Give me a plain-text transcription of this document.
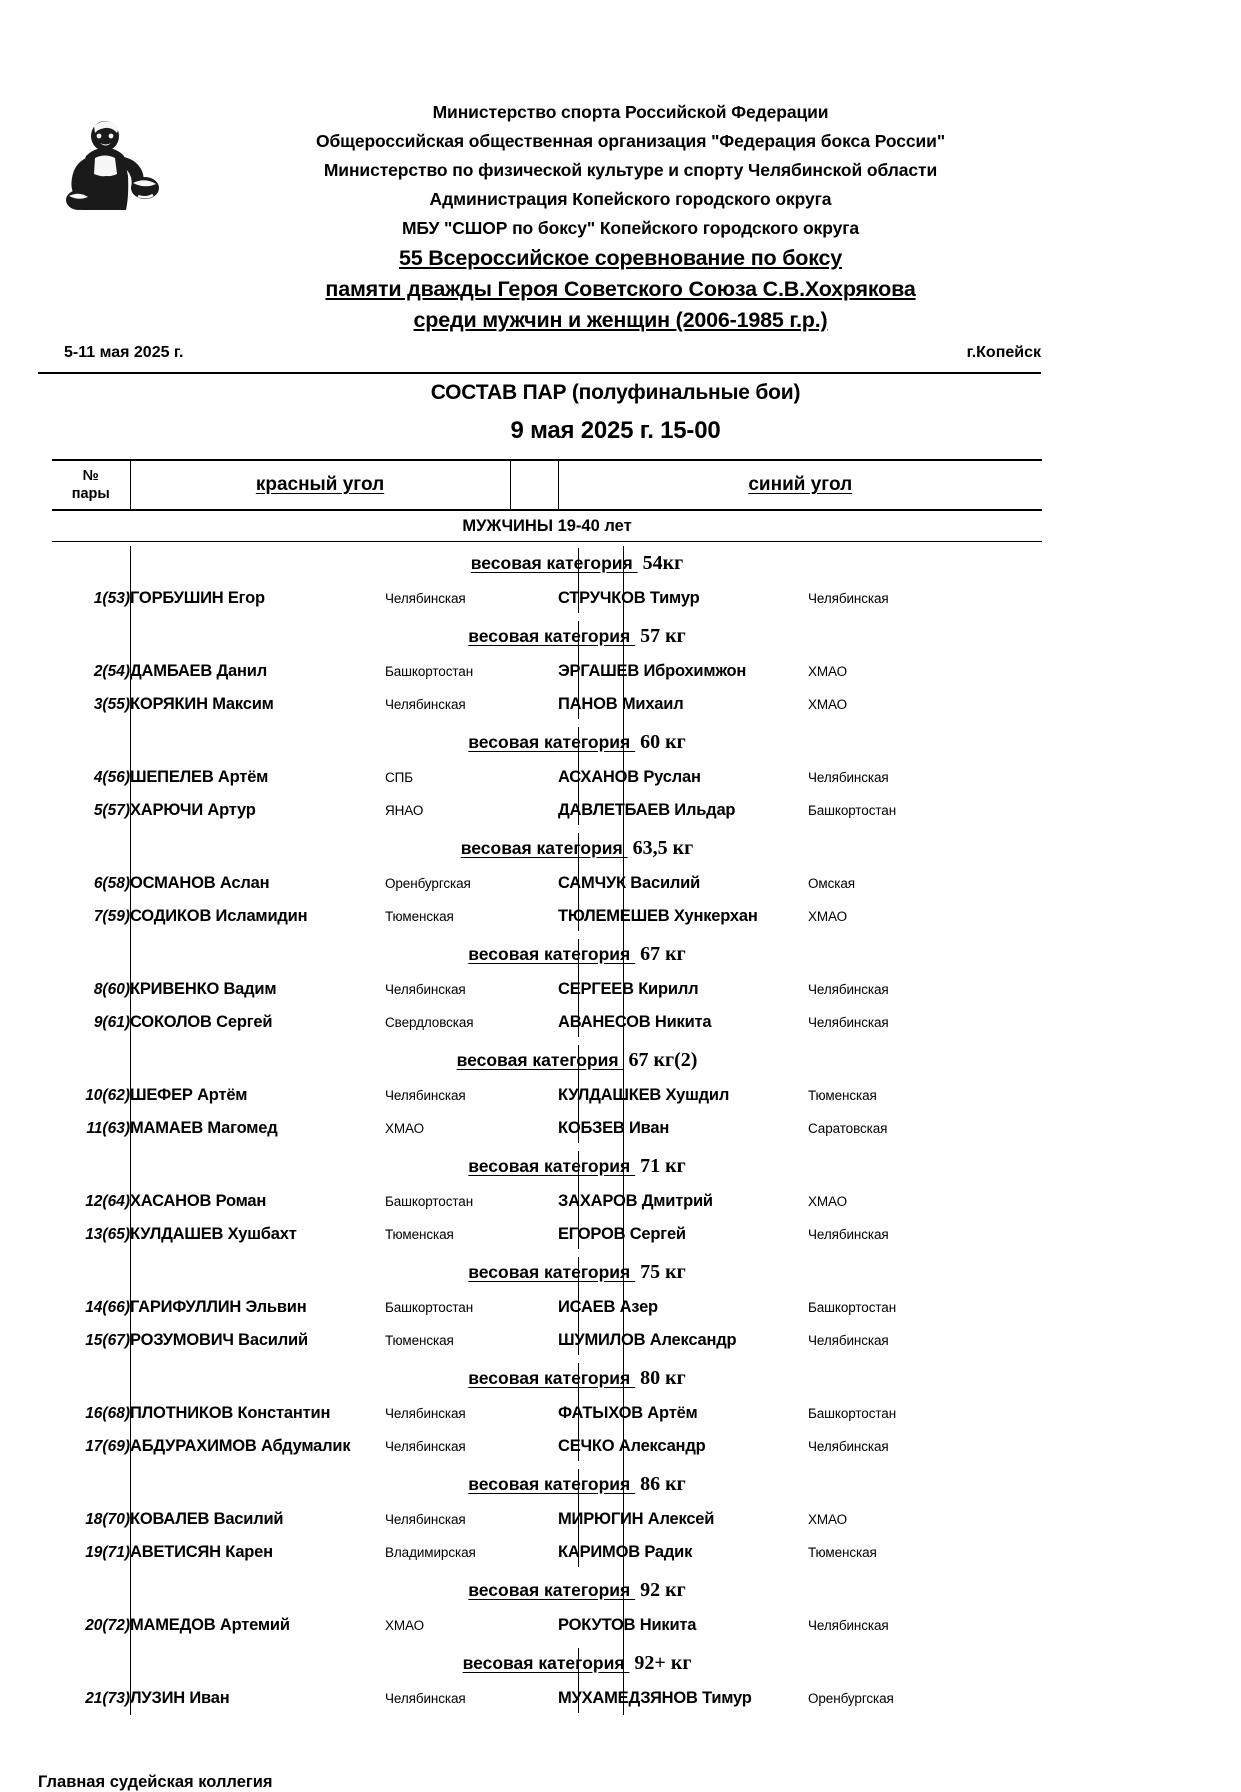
Министерство спорта Российской Федерации
Общероссийская общественная организация "Федерация бокса России"
Министерство по физической культуре и спорту Челябинской области
Администрация Копейского городского округа
МБУ "СШОР по боксу" Копейского городского округа
55 Всероссийское соревнование по боксу
памяти дважды Героя Советского Союза С.В.Хохрякова
среди мужчин и женщин (2006-1985 г.р.)
5-11 мая 2025 г.	г.Копейск
СОСТАВ ПАР (полуфинальные бои)
9 мая 2025 г. 15-00
№
пары	красный угол			синий угол	
МУЖЧИНЫ 19-40 лет					

весовая категория 54кг					

1(53)	ГОРБУШИН Егор	Челябинская		СТРУЧКОВ Тимур	Челябинская

весовая категория 57 кг					

2(54)	ДАМБАЕВ Данил	Башкортостан		ЭРГАШЕВ Иброхимжон	ХМАО
3(55)	КОРЯКИН Максим	Челябинская		ПАНОВ Михаил	ХМАО

весовая категория 60 кг					

4(56)	ШЕПЕЛЕВ Артём	СПБ		АСХАНОВ Руслан	Челябинская
5(57)	ХАРЮЧИ Артур	ЯНАО		ДАВЛЕТБАЕВ Ильдар	Башкортостан

весовая категория 63,5 кг					

6(58)	ОСМАНОВ Аслан	Оренбургская		САМЧУК Василий	Омская
7(59)	СОДИКОВ Исламидин	Тюменская		ТЮЛЕМЕШЕВ Хункерхан	ХМАО

весовая категория 67 кг					

8(60)	КРИВЕНКО Вадим	Челябинская		СЕРГЕЕВ Кирилл	Челябинская
9(61)	СОКОЛОВ Сергей	Свердловская		АВАНЕСОВ Никита	Челябинская

весовая категория 67 кг(2)					

10(62)	ШЕФЕР Артём	Челябинская		КУЛДАШКЕВ Хушдил	Тюменская
11(63)	МАМАЕВ Магомед	ХМАО		КОБЗЕВ Иван	Саратовская

весовая категория 71 кг					

12(64)	ХАСАНОВ Роман	Башкортостан		ЗАХАРОВ Дмитрий	ХМАО
13(65)	КУЛДАШЕВ Хушбахт	Тюменская		ЕГОРОВ Сергей	Челябинская

весовая категория 75 кг					

14(66)	ГАРИФУЛЛИН Эльвин	Башкортостан		ИСАЕВ Азер	Башкортостан
15(67)	РОЗУМОВИЧ Василий	Тюменская		ШУМИЛОВ Александр	Челябинская

весовая категория 80 кг					

16(68)	ПЛОТНИКОВ Константин	Челябинская		ФАТЫХОВ Артём	Башкортостан
17(69)	АБДУРАХИМОВ Абдумалик	Челябинская		СЕЧКО Александр	Челябинская

весовая категория 86 кг					

18(70)	КОВАЛЕВ Василий	Челябинская		МИРЮГИН Алексей	ХМАО
19(71)	АВЕТИСЯН Карен	Владимирская		КАРИМОВ Радик	Тюменская

весовая категория 92 кг					

20(72)	МАМЕДОВ Артемий	ХМАО		РОКУТОВ Никита	Челябинская

весовая категория 92+ кг					

21(73)	ЛУЗИН Иван	Челябинская		МУХАМЕДЗЯНОВ Тимур	Оренбургская
Главная судейская коллегия
